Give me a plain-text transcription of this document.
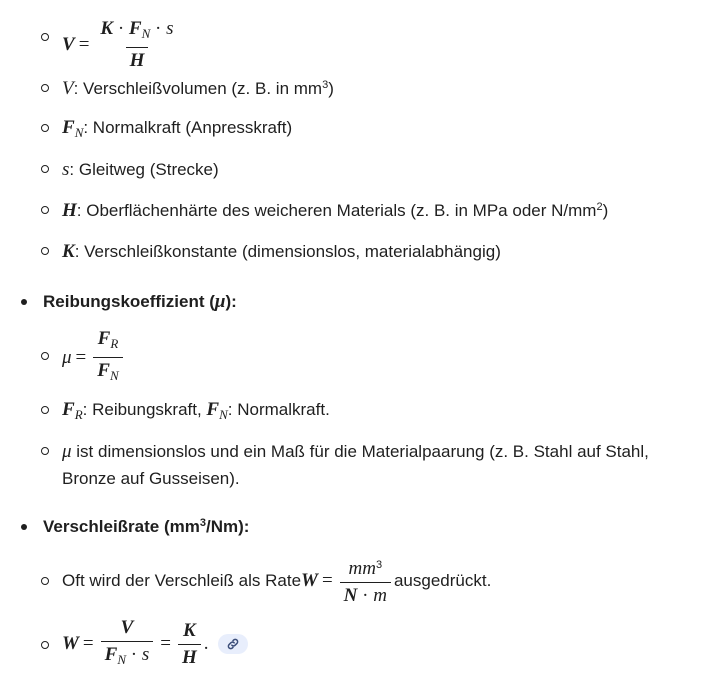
$V = \frac{K \cdot F_N \cdot s}{H}$
V: Verschleißvolumen (z. B. in $mm^3$)
$F_N$: Normalkraft (Anpresskraft)
s: Gleitweg (Strecke)
H: Oberflächenhärte des weicheren Materials (z. B. in MPa oder $N/mm^2$)
K: Verschleißkonstante (dimensionslos, materialabhängig)
Reibungskoeffizient (μ):
$\mu = \frac{F_R}{F_N}$
$F_R$: Reibungskraft, $F_N$: Normalkraft.
μ ist dimensionslos und ein Maß für die Materialpaarung (z. B. Stahl auf Stahl,
Bronze auf Gusseisen).
Verschleißrate $(mm^3/Nm)$:
Oft wird der Verschleiß als Rate $W = \frac{mm^3}{N \cdot m}$ ausgedrückt.
$W = \frac{V}{F_N \cdot s} = \frac{K}{H}$ .
